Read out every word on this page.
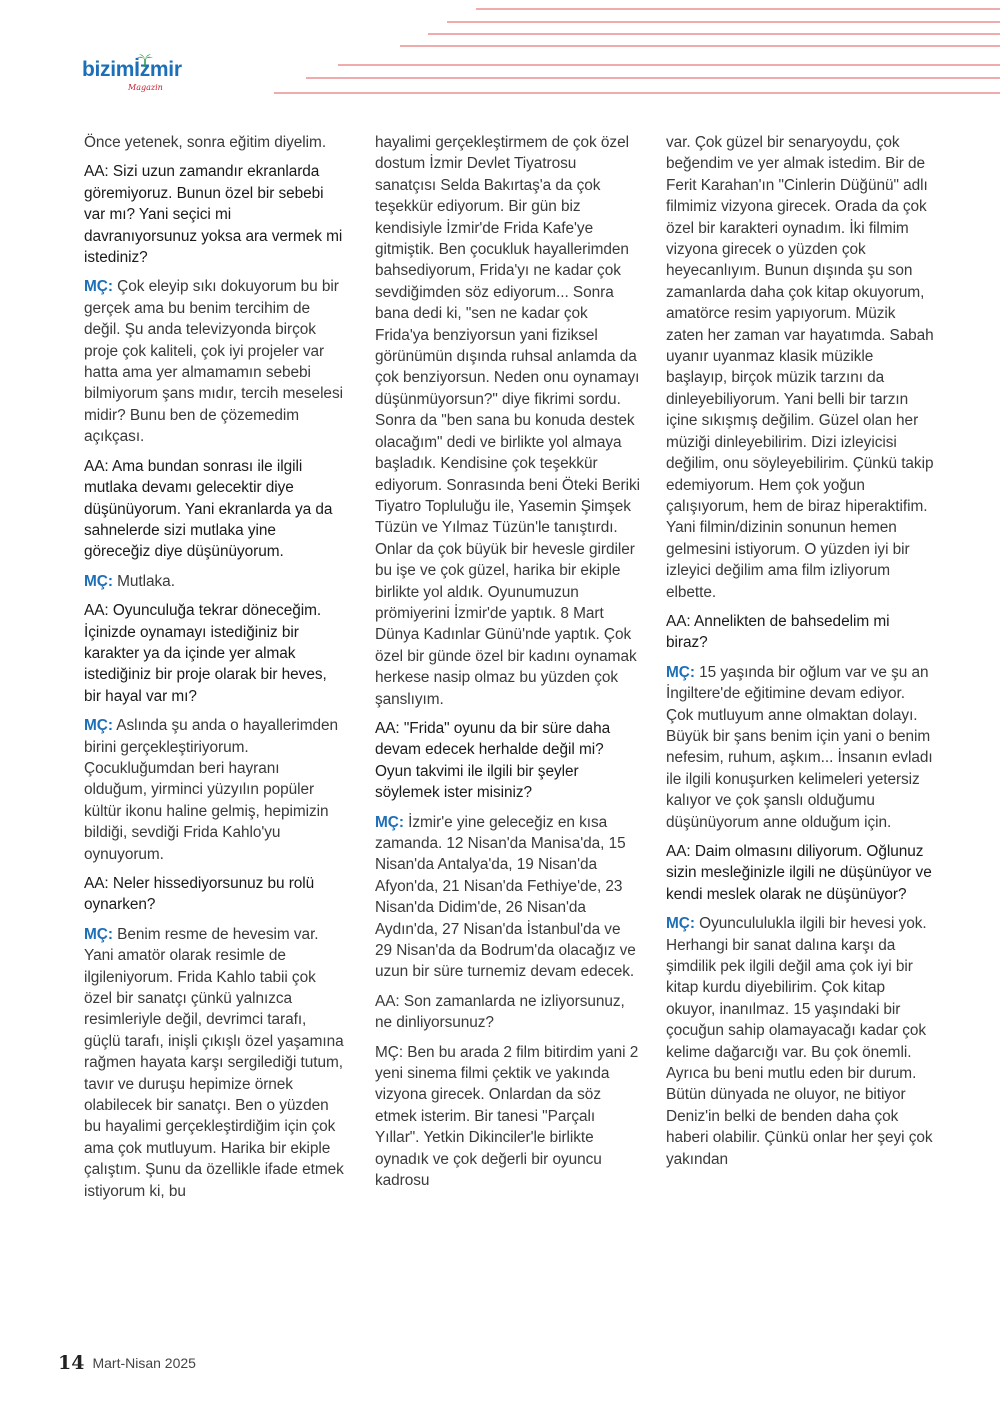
bizimİzmir
Magazin

Önce yetenek, sonra eğitim diyelim.

AA: Sizi uzun zamandır ekranlarda göremiyoruz. Bunun özel bir sebebi var mı? Yani seçici mi davranıyorsunuz yoksa ara vermek mi istediniz?

MÇ: Çok eleyip sıkı dokuyorum bu bir gerçek ama bu benim tercihim de değil. Şu anda televizyonda birçok proje çok kaliteli, çok iyi projeler var hatta ama yer almamamın sebebi bilmiyorum şans mıdır, tercih meselesi midir? Bunu ben de çözemedim açıkçası.

AA: Ama bundan sonrası ile ilgili mutlaka devamı gelecektir diye düşünüyorum. Yani ekranlarda ya da sahnelerde sizi mutlaka yine göreceğiz diye düşünüyorum.

MÇ: Mutlaka.

AA: Oyunculuğa tekrar döneceğim. İçinizde oynamayı istediğiniz bir karakter ya da içinde yer almak istediğiniz bir proje olarak bir heves, bir hayal var mı?

MÇ: Aslında şu anda o hayallerimden birini gerçekleştiriyorum. Çocukluğumdan beri hayranı olduğum, yirminci yüzyılın popüler kültür ikonu haline gelmiş, hepimizin bildiği, sevdiği Frida Kahlo'yu oynuyorum.

AA: Neler hissediyorsunuz bu rolü oynarken?

MÇ: Benim resme de hevesim var. Yani amatör olarak resimle de ilgileniyorum. Frida Kahlo tabii çok özel bir sanatçı çünkü yalnızca resimleriyle değil, devrimci tarafı, güçlü tarafı, inişli çıkışlı özel yaşamına rağmen hayata karşı sergilediği tutum, tavır ve duruşu hepimize örnek olabilecek bir sanatçı. Ben o yüzden bu hayalimi gerçekleştirdiğim için çok ama çok mutluyum. Harika bir ekiple çalıştım. Şunu da özellikle ifade etmek istiyorum ki, bu

hayalimi gerçekleştirmem de çok özel dostum İzmir Devlet Tiyatrosu sanatçısı Selda Bakırtaş'a da çok teşekkür ediyorum. Bir gün biz kendisiyle İzmir'de Frida Kafe'ye gitmiştik. Ben çocukluk hayallerimden bahsediyorum, Frida'yı ne kadar çok sevdiğimden söz ediyorum... Sonra bana dedi ki, "sen ne kadar çok Frida'ya benziyorsun yani fiziksel görünümün dışında ruhsal anlamda da çok benziyorsun. Neden onu oynamayı düşünmüyorsun?" diye fikrimi sordu. Sonra da "ben sana bu konuda destek olacağım" dedi ve birlikte yol almaya başladık. Kendisine çok teşekkür ediyorum. Sonrasında beni Öteki Beriki Tiyatro Topluluğu ile, Yasemin Şimşek Tüzün ve Yılmaz Tüzün'le tanıştırdı. Onlar da çok büyük bir hevesle girdiler bu işe ve çok güzel, harika bir ekiple birlikte yol aldık. Oyunumuzun prömiyerini İzmir'de yaptık. 8 Mart Dünya Kadınlar Günü'nde yaptık. Çok özel bir günde özel bir kadını oynamak herkese nasip olmaz bu yüzden çok şanslıyım.

AA: "Frida" oyunu da bir süre daha devam edecek herhalde değil mi? Oyun takvimi ile ilgili bir şeyler söylemek ister misiniz?

MÇ: İzmir'e yine geleceğiz en kısa zamanda. 12 Nisan'da Manisa'da, 15 Nisan'da Antalya'da, 19 Nisan'da Afyon'da, 21 Nisan'da Fethiye'de, 23 Nisan'da Didim'de, 26 Nisan'da Aydın'da, 27 Nisan'da İstanbul'da ve 29 Nisan'da da Bodrum'da olacağız ve uzun bir süre turnemiz devam edecek.

AA: Son zamanlarda ne izliyorsunuz, ne dinliyorsunuz?

MÇ: Ben bu arada 2 film bitirdim yani 2 yeni sinema filmi çektik ve yakında vizyona girecek. Onlardan da söz etmek isterim. Bir tanesi "Parçalı Yıllar". Yetkin Dikinciler'le birlikte oynadık ve çok değerli bir oyuncu kadrosu

var. Çok güzel bir senaryoydu, çok beğendim ve yer almak istedim. Bir de Ferit Karahan'ın "Cinlerin Düğünü" adlı filmimiz vizyona girecek. Orada da çok özel bir karakteri oynadım. İki filmim vizyona girecek o yüzden çok heyecanlıyım. Bunun dışında şu son zamanlarda daha çok kitap okuyorum, amatörce resim yapıyorum. Müzik zaten her zaman var hayatımda. Sabah uyanır uyanmaz klasik müzikle başlayıp, birçok müzik tarzını da dinleyebiliyorum. Yani belli bir tarzın içine sıkışmış değilim. Güzel olan her müziği dinleyebilirim. Dizi izleyicisi değilim, onu söyleyebilirim. Çünkü takip edemiyorum. Hem çok yoğun çalışıyorum, hem de biraz hiperaktifim. Yani filmin/dizinin sonunun hemen gelmesini istiyorum. O yüzden iyi bir izleyici değilim ama film izliyorum elbette.

AA: Annelikten de bahsedelim mi biraz?

MÇ: 15 yaşında bir oğlum var ve şu an İngiltere'de eğitimine devam ediyor. Çok mutluyum anne olmaktan dolayı. Büyük bir şans benim için yani o benim nefesim, ruhum, aşkım... İnsanın evladı ile ilgili konuşurken kelimeleri yetersiz kalıyor ve çok şanslı olduğumu düşünüyorum anne olduğum için.

AA: Daim olmasını diliyorum. Oğlunuz sizin mesleğinizle ilgili ne düşünüyor ve kendi meslek olarak ne düşünüyor?

MÇ: Oyuncululukla ilgili bir hevesi yok. Herhangi bir sanat dalına karşı da şimdilik pek ilgili değil ama çok iyi bir kitap kurdu diyebilirim. Çok kitap okuyor, inanılmaz. 15 yaşındaki bir çocuğun sahip olamayacağı kadar çok kelime dağarcığı var. Bu çok önemli. Ayrıca bu beni mutlu eden bir durum. Bütün dünyada ne oluyor, ne bitiyor Deniz'in belki de benden daha çok haberi olabilir. Çünkü onlar her şeyi çok yakından

14 Mart-Nisan 2025
